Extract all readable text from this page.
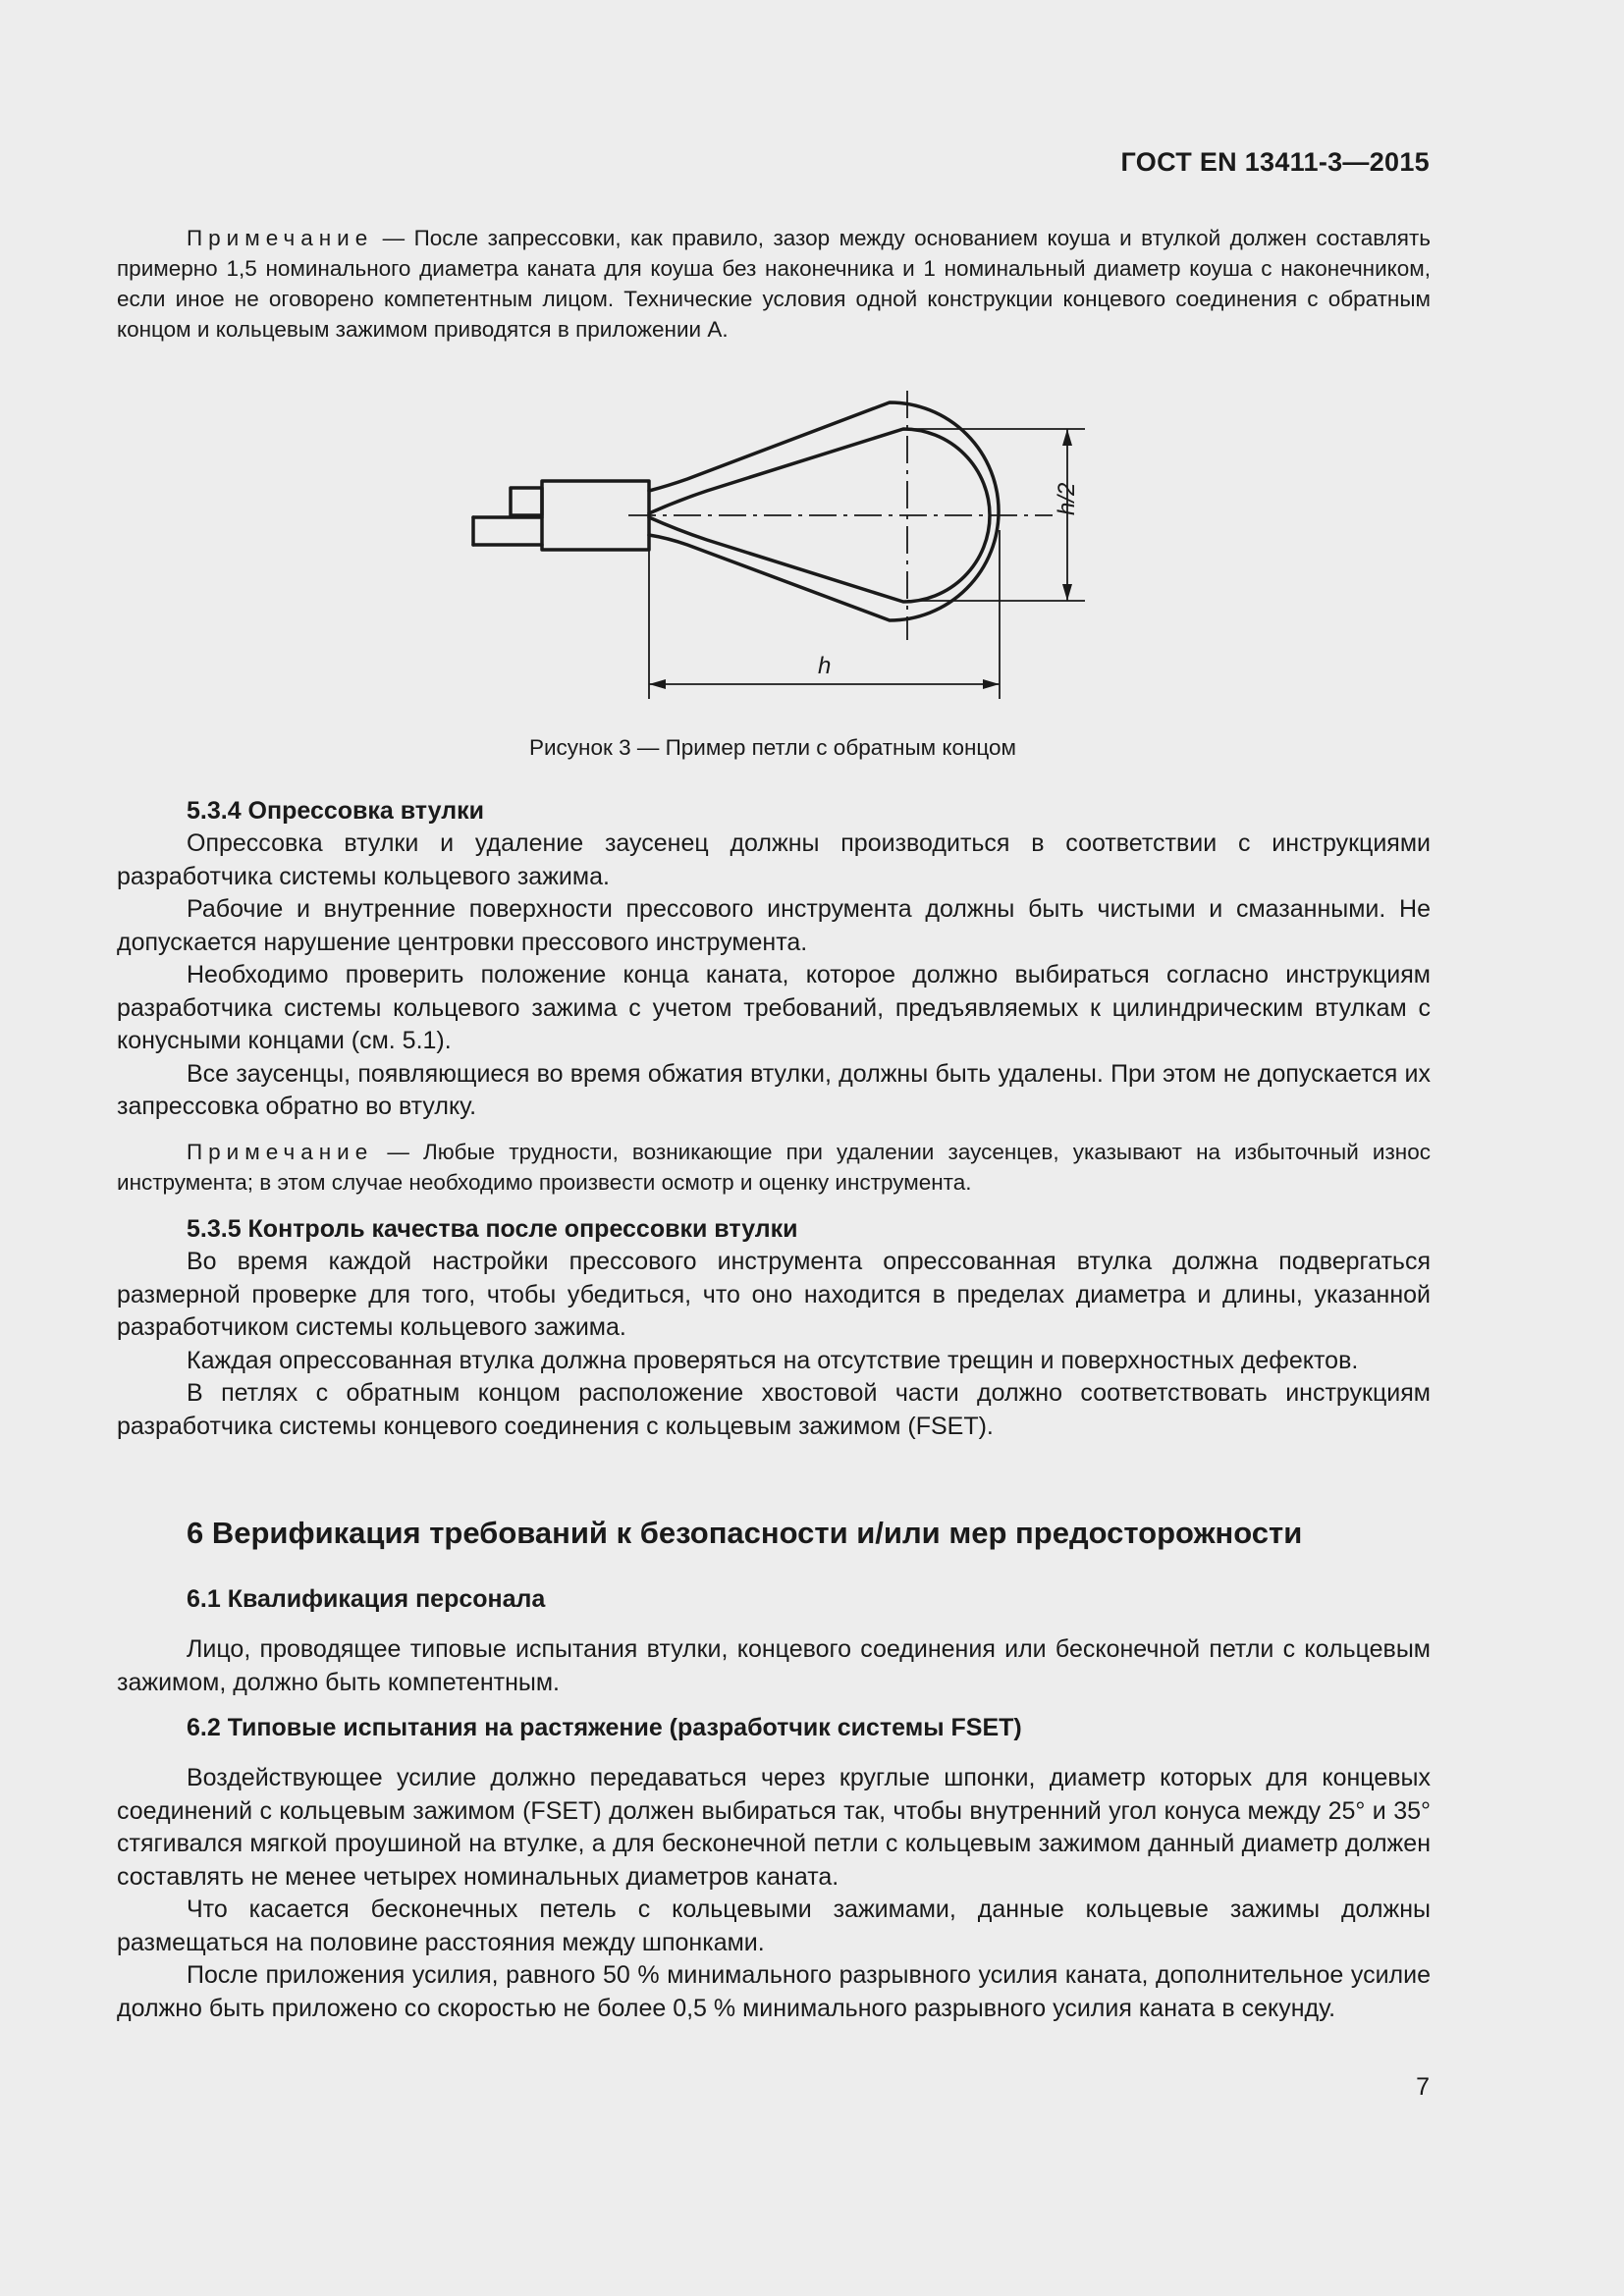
ГОСТ EN 13411-3—2015

Примечание — После запрессовки, как правило, зазор между основанием коуша и втулкой должен составлять примерно 1,5 номинального диаметра каната для коуша без наконечника и 1 номинальный диаметр коуша с наконечником, если иное не оговорено компетентным лицом. Технические условия одной конструкции концевого соединения с обратным концом и кольцевым зажимом приводятся в приложении А.

h
h/2
Рисунок 3 — Пример петли с обратным концом
5.3.4 Опрессовка втулки

Опрессовка втулки и удаление заусенец должны производиться в соответствии с инструкциями разработчика системы кольцевого зажима.

Рабочие и внутренние поверхности прессового инструмента должны быть чистыми и смазанными. Не допускается нарушение центровки прессового инструмента.

Необходимо проверить положение конца каната, которое должно выбираться согласно инструкциям разработчика системы кольцевого зажима с учетом требований, предъявляемых к цилиндрическим втулкам с конусными концами (см. 5.1).

Все заусенцы, появляющиеся во время обжатия втулки, должны быть удалены. При этом не допускается их запрессовка обратно во втулку.

Примечание — Любые трудности, возникающие при удалении заусенцев, указывают на избыточный износ инструмента; в этом случае необходимо произвести осмотр и оценку инструмента.

5.3.5 Контроль качества после опрессовки втулки

Во время каждой настройки прессового инструмента опрессованная втулка должна подвергаться размерной проверке для того, чтобы убедиться, что оно находится в пределах диаметра и длины, указанной разработчиком системы кольцевого зажима.

Каждая опрессованная втулка должна проверяться на отсутствие трещин и поверхностных дефектов.

В петлях с обратным концом расположение хвостовой части должно соответствовать инструкциям разработчика системы концевого соединения с кольцевым зажимом (FSET).

6 Верификация требований к безопасности и/или мер предосторожности
6.1 Квалификация персонала

Лицо, проводящее типовые испытания втулки, концевого соединения или бесконечной петли с кольцевым зажимом, должно быть компетентным.

6.2 Типовые испытания на растяжение (разработчик системы FSET)

Воздействующее усилие должно передаваться через круглые шпонки, диаметр которых для концевых соединений с кольцевым зажимом (FSET) должен выбираться так, чтобы внутренний угол конуса между 25° и 35° стягивался мягкой проушиной на втулке, а для бесконечной петли с кольцевым зажимом данный диаметр должен составлять не менее четырех номинальных диаметров каната.

Что касается бесконечных петель с кольцевыми зажимами, данные кольцевые зажимы должны размещаться на половине расстояния между шпонками.

После приложения усилия, равного 50 % минимального разрывного усилия каната, дополнительное усилие должно быть приложено со скоростью не более 0,5 % минимального разрывного усилия каната в секунду.

7
